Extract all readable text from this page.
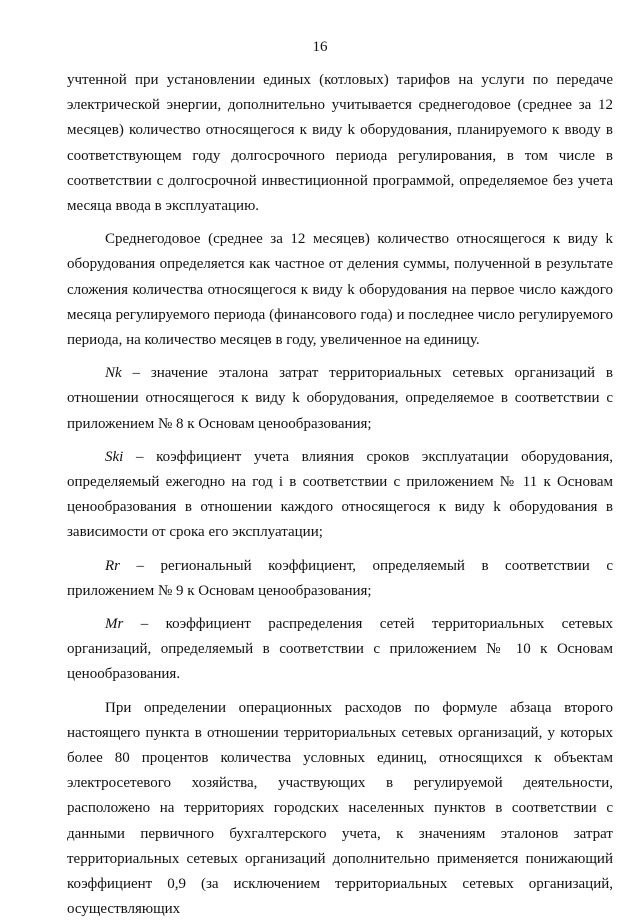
16

учтенной при установлении единых (котловых) тарифов на услуги по передаче электрической энергии, дополнительно учитывается среднегодовое (среднее за 12 месяцев) количество относящегося к виду k оборудования, планируемого к вводу в соответствующем году долгосрочного периода регулирования, в том числе в соответствии с долгосрочной инвестиционной программой, определяемое без учета месяца ввода в эксплуатацию.

Среднегодовое (среднее за 12 месяцев) количество относящегося к виду k оборудования определяется как частное от деления суммы, полученной в результате сложения количества относящегося к виду k оборудования на первое число каждого месяца регулируемого периода (финансового года) и последнее число регулируемого периода, на количество месяцев в году, увеличенное на единицу.

Nk – значение эталона затрат территориальных сетевых организаций в отношении относящегося к виду k оборудования, определяемое в соответствии с приложением № 8 к Основам ценообразования;

Ski – коэффициент учета влияния сроков эксплуатации оборудования, определяемый ежегодно на год i в соответствии с приложением № 11 к Основам ценообразования в отношении каждого относящегося к виду k оборудования в зависимости от срока его эксплуатации;

Rr – региональный коэффициент, определяемый в соответствии с приложением № 9 к Основам ценообразования;

Mr – коэффициент распределения сетей территориальных сетевых организаций, определяемый в соответствии с приложением № 10 к Основам ценообразования.

При определении операционных расходов по формуле абзаца второго настоящего пункта в отношении территориальных сетевых организаций, у которых более 80 процентов количества условных единиц, относящихся к объектам электросетевого хозяйства, участвующих в регулируемой деятельности, расположено на территориях городских населенных пунктов в соответствии с данными первичного бухгалтерского учета, к значениям эталонов затрат территориальных сетевых организаций дополнительно применяется понижающий коэффициент 0,9 (за исключением территориальных сетевых организаций, осуществляющих
